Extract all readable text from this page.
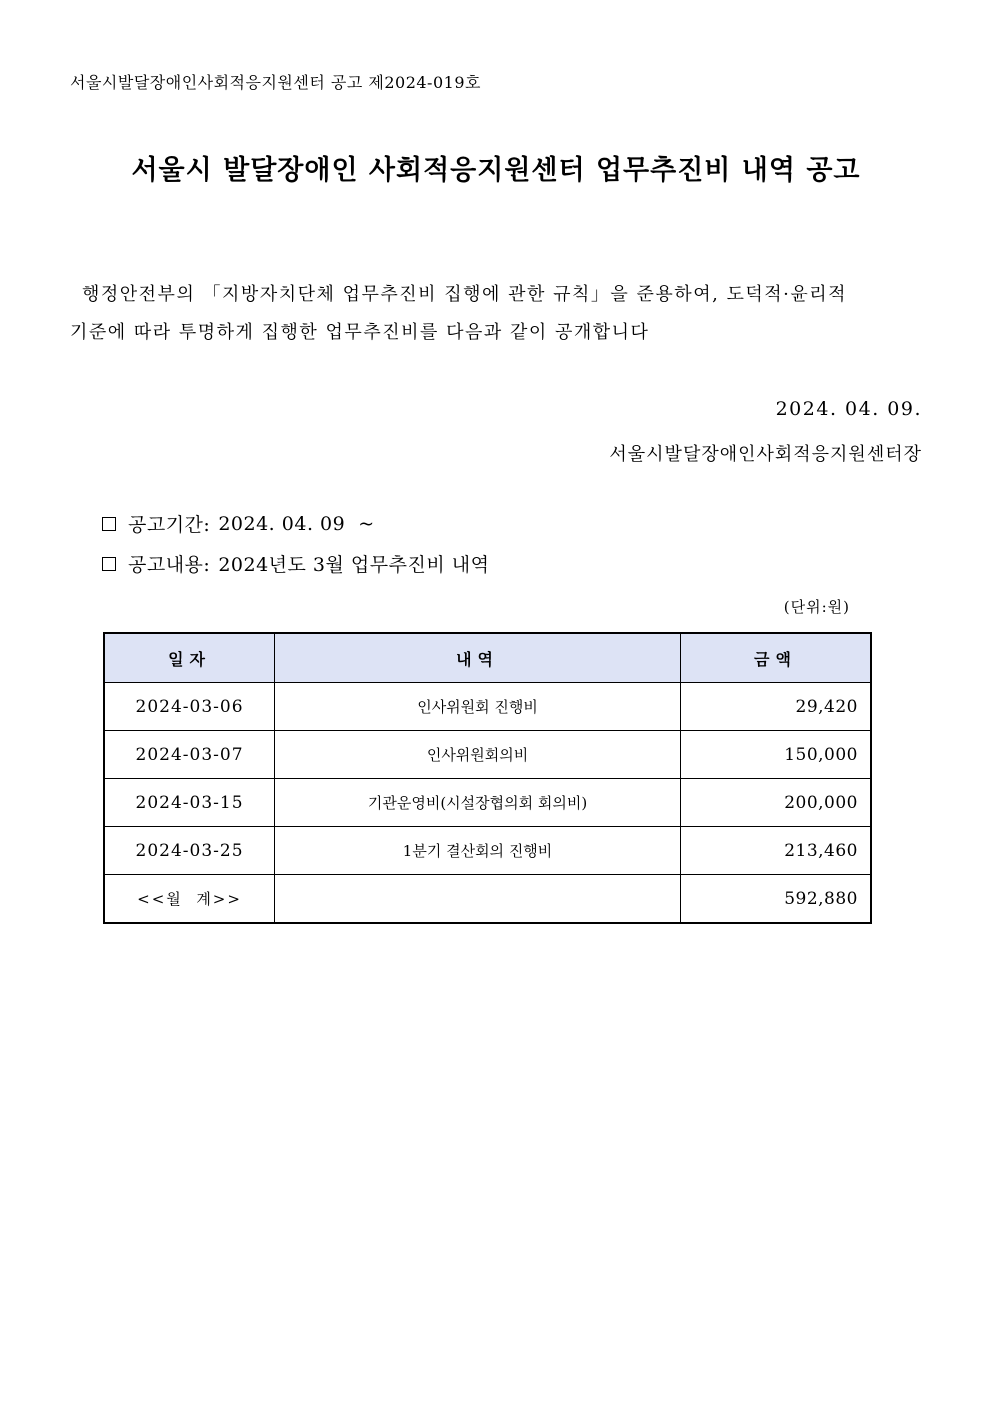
서울시발달장애인사회적응지원센터 공고 제2024-019호
서울시 발달장애인 사회적응지원센터 업무추진비 내역 공고
행정안전부의 「지방자치단체 업무추진비 집행에 관한 규칙」을 준용하여, 도덕적·윤리적
기준에 따라 투명하게 집행한 업무추진비를 다음과 같이 공개합니다
2024. 04. 09.
서울시발달장애인사회적응지원센터장
공고기간: 2024. 04. 09  ~
공고내용: 2024년도 3월 업무추진비 내역
(단위:원)
일자	내역	금액
2024-03-06	인사위원회 진행비	29,420
2024-03-07	인사위원회의비	150,000
2024-03-15	기관운영비(시설장협의회 회의비)	200,000
2024-03-25	1분기 결산회의 진행비	213,460
<<월  계>>		592,880
